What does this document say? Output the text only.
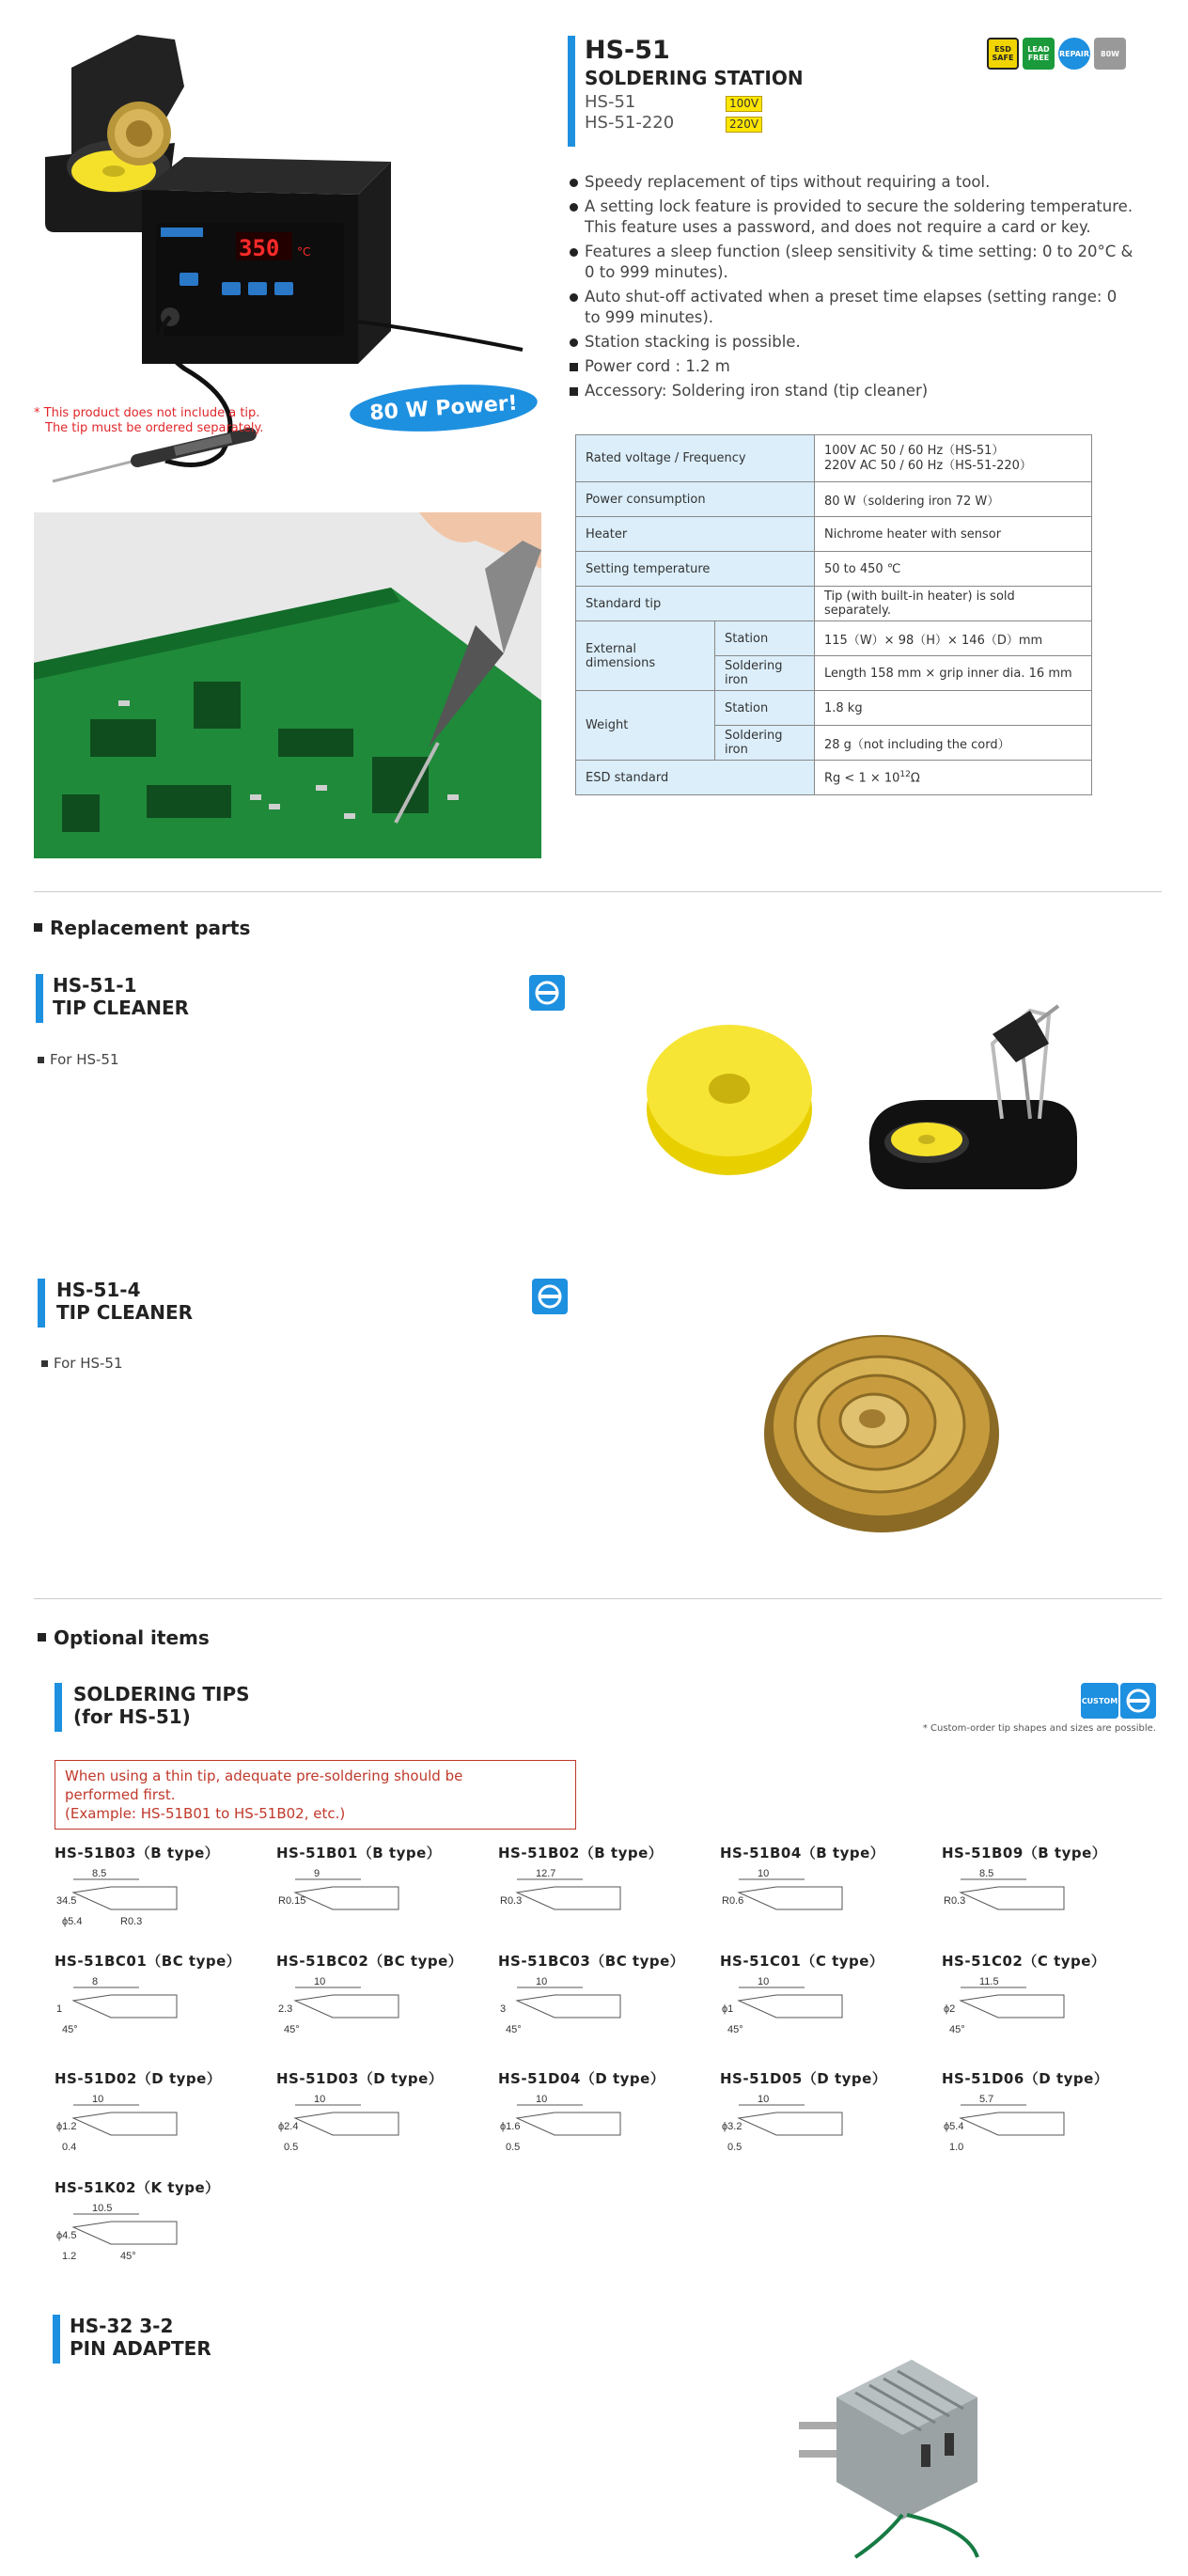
350 °C
80 W Power!
* This product does not include a tip.
The tip must be ordered separately.
HS-51
SOLDERING STATION
HS-51	100V
HS-51-220	220V
ESD SAFE
LEAD FREE	REPAIR 80W
Speedy replacement of tips without requiring a tool.
A setting lock feature is provided to secure the soldering temperature. This feature uses a password, and does not require a card or key.
Features a sleep function (sleep sensitivity & time setting: 0 to 20°C & 0 to 999 minutes).
Auto shut-off activated when a preset time elapses (setting range: 0 to 999 minutes).
Station stacking is possible.
Power cord : 1.2 m
Accessory: Soldering iron stand (tip cleaner)
Rated voltage / Frequency		100V AC 50 / 60 Hz（HS-51）
220V AC 50 / 60 Hz（HS-51-220）

Power consumption		80 W（soldering iron 72 W）
Heater		Nichrome heater with sensor
Setting temperature		50 to 450 ℃
Standard tip		Tip (with built-in heater) is sold separately.
External dimensions	Station	115（W）× 98（H）× 146（D）mm
	Soldering iron	Length 158 mm × grip inner dia. 16 mm
Weight	Station	1.8 kg
	Soldering iron	28 g（not including the cord）
ESD standard		$Rg < 1 \times 10^{12}\Omega$
Replacement parts
HS-51-1
TIP CLEANER
For HS-51
HS-51-4
TIP CLEANER
For HS-51
Optional items
SOLDERING TIPS
(for HS-51)
CUSTOM
* Custom-order tip shapes and sizes are possible.
When using a thin tip, adequate pre-soldering should be
performed first.
(Example: HS-51B01 to HS-51B02, etc.)
HS-51B03（B type）
8.5
34.5
ϕ5.4	R0.3
HS-51B01（B type）
9
R0.15
HS-51B02（B type）
12.7
R0.3
HS-51B04（B type）
10
R0.6
HS-51B09（B type）
8.5
R0.3
HS-51BC01（BC type）
8
1
45°
HS-51BC02（BC type）
10
2.3
45°
HS-51BC03（BC type）
10
3
45°
HS-51C01（C type）
10
ϕ1
45°
HS-51C02（C type）
11.5
ϕ2
45°
HS-51D02（D type）
10
ϕ1.2
0.4
HS-51D03（D type）
10
ϕ2.4
0.5
HS-51D04（D type）
10
ϕ1.6
0.5
HS-51D05（D type）
10
ϕ3.2
0.5
HS-51D06（D type）
5.7
ϕ5.4
1.0
HS-51K02（K type）
10.5
ϕ4.5
1.2	45°
HS-32 3-2
PIN ADAPTER
